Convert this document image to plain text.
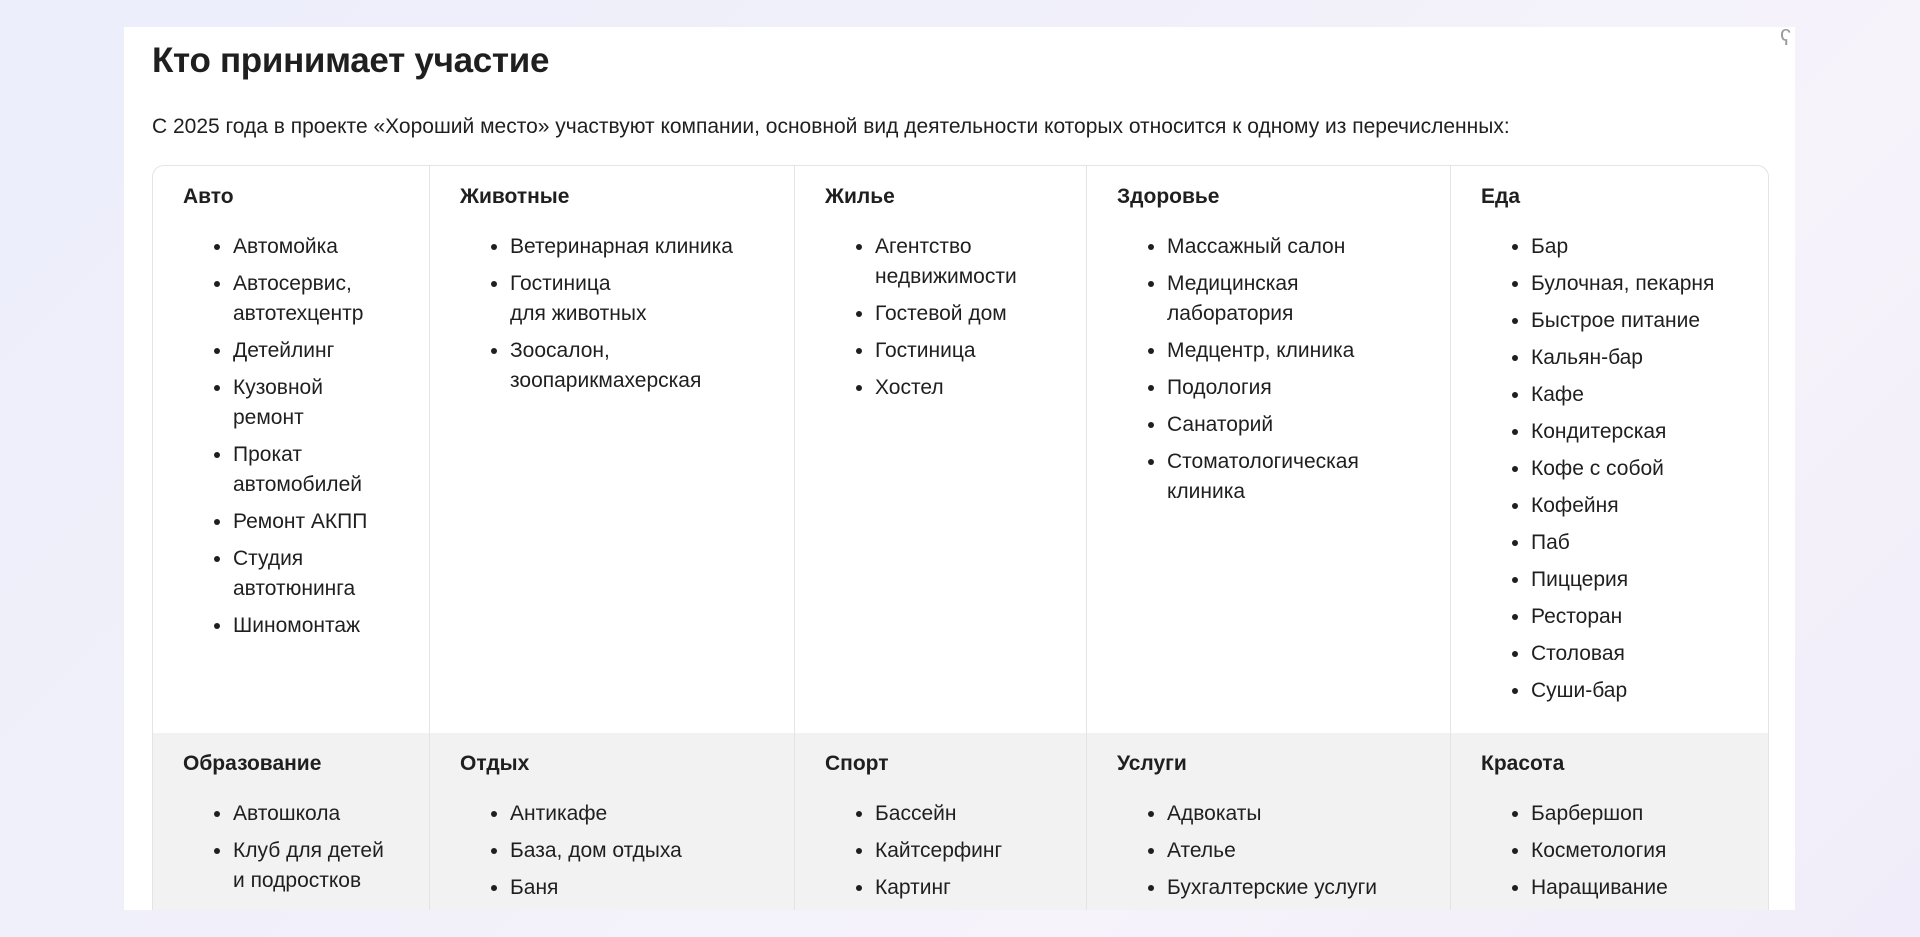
Кто принимает участие

С 2025 года в проекте «Хороший место» участвуют компании, основной вид деятельности которых относится к одному из перечисленных:

Авто
• Автомойка
• Автосервис,
автотехцентр
• Детейлинг
• Кузовной
ремонт
• Прокат
автомобилей
• Ремонт АКПП
• Студия
автотюнинга
• Шиномонтаж
Животные
• Ветеринарная клиника
• Гостиница
для животных
• Зоосалон,
зоопарикмахерская
Жилье
• Агентство
недвижимости
• Гостевой дом
• Гостиница
• Хостел
Здоровье
• Массажный салон
• Медицинская
лаборатория
• Медцентр, клиника
• Подология
• Санаторий
• Стоматологическая
клиника
Еда
• Бар
• Булочная, пекарня
• Быстрое питание
• Кальян-бар
• Кафе
• Кондитерская
• Кофе с собой
• Кофейня
• Паб
• Пиццерия
• Ресторан
• Столовая
• Суши-бар
Образование
• Автошкола
• Клуб для детей
и подростков
Отдых
• Антикафе
• База, дом отдыха
• Баня
Спорт
• Бассейн
• Кайтсерфинг
• Картинг
Услуги
• Адвокаты
• Ателье
• Бухгалтерские услуги
Красота
• Барбершоп
• Косметология
• Наращивание
ʕ
